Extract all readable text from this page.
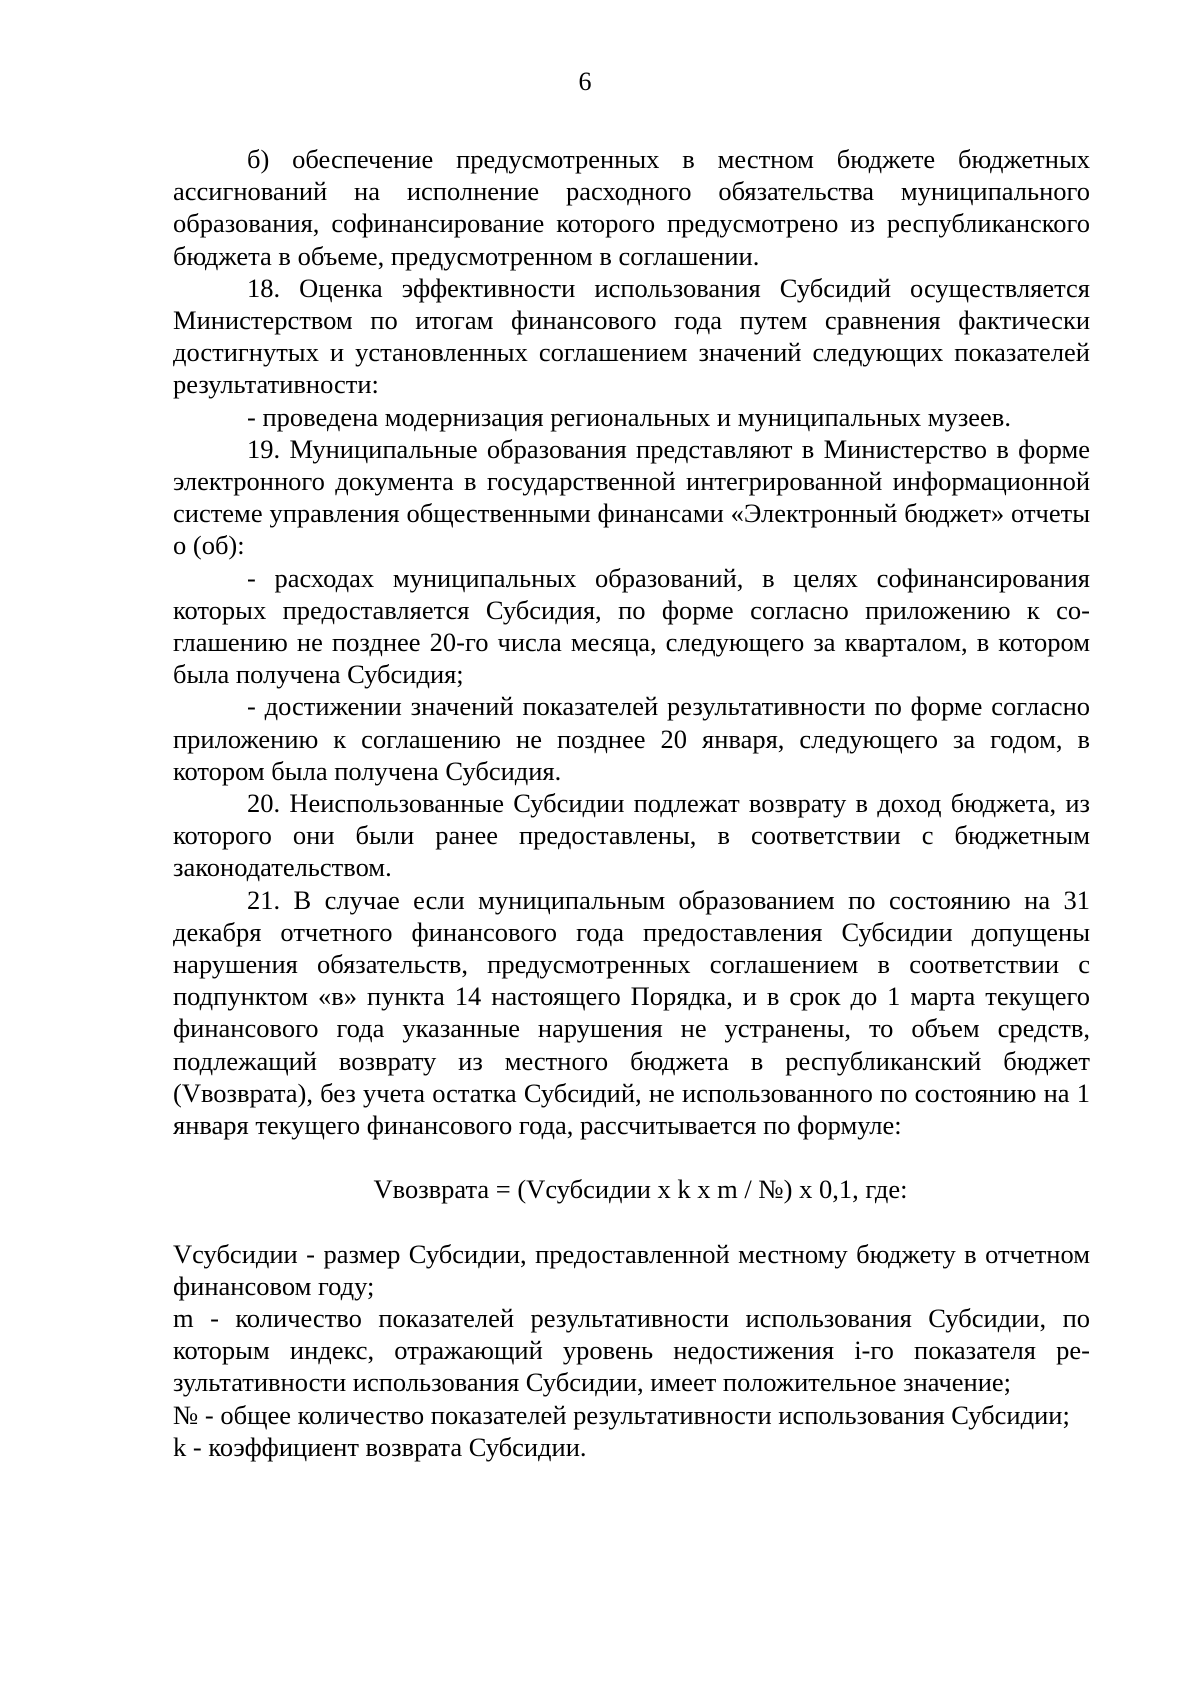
6

б) обеспечение предусмотренных в местном бюджете бюджетных ассигнований на исполнение расходного обязательства муниципального образования, софинансирование которого предусмотрено из республиканского бюджета в объеме, предусмотренном в соглашении.

18. Оценка эффективности использования Субсидий осуществляется Министерством по итогам финансового года путем сравнения фактически достигнутых и установленных соглашением значений следующих показателей результативности:

- проведена модернизация региональных и муниципальных музеев.

19. Муниципальные образования представляют в Министерство в форме электронного документа в государственной интегрированной информационной системе управления общественными финансами «Электронный бюджет» отчеты о (об):

- расходах муниципальных образований, в целях софинансирования которых предоставляется Субсидия, по форме согласно приложению к соглашению не позднее 20-го числа месяца, следующего за кварталом, в котором была получена Субсидия;

- достижении значений показателей результативности по форме согласно приложению к соглашению не позднее 20 января, следующего за годом, в котором была получена Субсидия.

20. Неиспользованные Субсидии подлежат возврату в доход бюджета, из которого они были ранее предоставлены, в соответствии с бюджетным законодательством.

21. В случае если муниципальным образованием по состоянию на 31 декабря отчетного финансового года предоставления Субсидии допущены нарушения обязательств, предусмотренных соглашением в соответствии с подпунктом «в» пункта 14 настоящего Порядка, и в срок до 1 марта текущего финансового года указанные нарушения не устранены, то объем средств, подлежащий возврату из местного бюджета в республиканский бюджет (Vвозврата), без учета остатка Субсидий, не использованного по состоянию на 1 января текущего финансового года, рассчитывается по формуле:

Vвозврата = (Vсубсидии x k x m / №) x 0,1, где:

Vсубсидии - размер Субсидии, предоставленной местному бюджету в отчетном финансовом году;

m - количество показателей результативности использования Субсидии, по которым индекс, отражающий уровень недостижения i-го показателя результативности использования Субсидии, имеет положительное значение;

№ - общее количество показателей результативности использования Субсидии;

k - коэффициент возврата Субсидии.
